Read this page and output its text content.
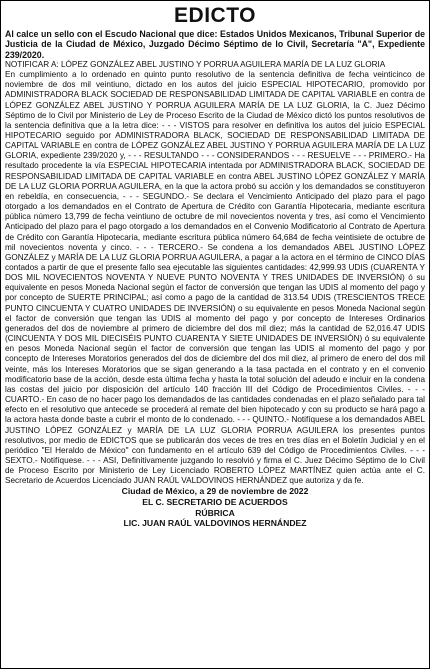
EDICTO
Al calce un sello con el Escudo Nacional que dice: Estados Unidos Mexicanos, Tribunal Superior de Justicia de la Ciudad de México, Juzgado Décimo Séptimo de lo Civil, Secretaría "A", Expediente 239/2020.

NOTIFICAR A: LÓPEZ GONZÁLEZ ABEL JUSTINO Y PORRUA AGUILERA MARÍA DE LA LUZ GLORIA

En cumplimiento a lo ordenado en quinto punto resolutivo de la sentencia definitiva de fecha veinticinco de noviembre de dos mil veintiuno, dictado en los autos del juicio ESPECIAL HIPOTECARIO, promovido por ADMINISTRADORA BLACK SOCIEDAD DE RESPONSABILIDAD LIMITADA DE CAPITAL VARIABLE en contra de LÓPEZ GONZÁLEZ ABEL JUSTINO Y PORRUA AGUILERA MARÍA DE LA LUZ GLORIA, la C. Juez Décimo Séptimo de lo Civil por Ministerio de Ley de Proceso Escrito de la Ciudad de México dictó los puntos resolutivos de la sentencia definitiva que a la letra dice: - - - VISTOS para resolver en definitiva los autos del juicio ESPECIAL HIPOTECARIO seguido por ADMINISTRADORA BLACK, SOCIEDAD DE RESPONSABILIDAD LIMITADA DE CAPITAL VARIABLE en contra de LÓPEZ GONZÁLEZ ABEL JUSTINO Y PORRUA AGUILERA MARÍA DE LA LUZ GLORIA, expediente 239/2020 y, - - - RESULTANDO - - - CONSIDERANDOS - - - RESUELVE - - - PRIMERO.- Ha resultado procedente la vía ESPECIAL HIPOTECARIA intentada por ADMINISTRADORA BLACK, SOCIEDAD DE RESPONSABILIDAD LIMITADA DE CAPITAL VARIABLE en contra ABEL JUSTINO LÓPEZ GONZÁLEZ Y MARÍA DE LA LUZ GLORIA PORRUA AGUILERA, en la que la actora probó su acción y los demandados se constituyeron en rebeldía, en consecuencia, - - - SEGUNDO.- Se declara el Vencimiento Anticipado del plazo para el pago otorgado a los demandados en el Contrato de Apertura de Crédito con Garantía Hipotecaria, mediante escritura pública número 13,799 de fecha veintiuno de octubre de mil novecientos noventa y tres, así como el Vencimiento Anticipado del plazo para el pago otorgado a los demandados en el Convenio Modificatorio al Contrato de Apertura de Crédito con Garantía Hipotecaria, mediante escritura pública número 64,684 de fecha veintisiete de octubre de mil novecientos noventa y cinco. - - - TERCERO.- Se condena a los demandados ABEL JUSTINO LÓPEZ GONZÁLEZ y MARÍA DE LA LUZ GLORIA PORRUA AGUILERA, a pagar a la actora en el término de CINCO DÍAS contados a partir de que el presente fallo sea ejecutable las siguientes cantidades: 42,999.93 UDIS (CUARENTA Y DOS MIL NOVECIENTOS NOVENTA Y NUEVE PUNTO NOVENTA Y TRES UNIDADES DE INVERSIÓN) ó su equivalente en pesos Moneda Nacional según el factor de conversión que tengan las UDIS al momento del pago y por concepto de SUERTE PRINCIPAL; así como a pago de la cantidad de 313.54 UDIS (TRESCIENTOS TRECE PUNTO CINCUENTA Y CUATRO UNIDADES DE INVERSIÓN) o su equivalente en pesos Moneda Nacional según el factor de conversión que tengan las UDIS al momento del pago y por concepto de Intereses Ordinarios generados del dos de noviembre al primero de diciembre del dos mil diez; más la cantidad de 52,016.47 UDIS (CINCUENTA Y DOS MIL DIECISÉIS PUNTO CUARENTA Y SIETE UNIDADES DE INVERSIÓN) ó su equivalente en pesos Moneda Nacional según el factor de conversión que tengan las UDIS al momento del pago y por concepto de Intereses Moratorios generados del dos de diciembre del dos mil diez, al primero de enero del dos mil veinte, más los Intereses Moratorios que se sigan generando a la tasa pactada en el contrato y en el convenio modificatorio base de la acción, desde esta última fecha y hasta la total solución del adeudo e incluir en la condena las costas del juicio por disposición del artículo 140 fracción III del Código de Procedimientos Civiles. - - - CUARTO.- En caso de no hacer pago los demandados de las cantidades condenadas en el plazo señalado para tal efecto en el resolutivo que antecede se procederá al remate del bien hipotecado y con su producto se hará pago a la actora hasta donde baste a cubrir el monto de lo condenado. - - - QUINTO.- Notifíquese a los demandados ABEL JUSTINO LÓPEZ GONZÁLEZ y MARÍA DE LA LUZ GLORIA PORRUA AGUILERA los presentes puntos resolutivos, por medio de EDICTOS que se publicarán dos veces de tres en tres días en el Boletín Judicial y en el periódico "El Heraldo de México" con fundamento en el artículo 639 del Código de Procedimientos Civiles. - - - SEXTO.- Notifíquese. - - - ASI, Definitivamente juzgando lo resolvió y firma el C. Juez Décimo Séptimo de lo Civil de Proceso Escrito por Ministerio de Ley Licenciado ROBERTO LÓPEZ MARTÍNEZ quien actúa ante el C. Secretario de Acuerdos Licenciado JUAN RAÚL VALDOVINOS HERNÁNDEZ que autoriza y da fe.

Ciudad de México, a 29 de noviembre de 2022
EL C. SECRETARIO DE ACUERDOS
RÚBRICA
LIC. JUAN RAÚL VALDOVINOS HERNÁNDEZ
